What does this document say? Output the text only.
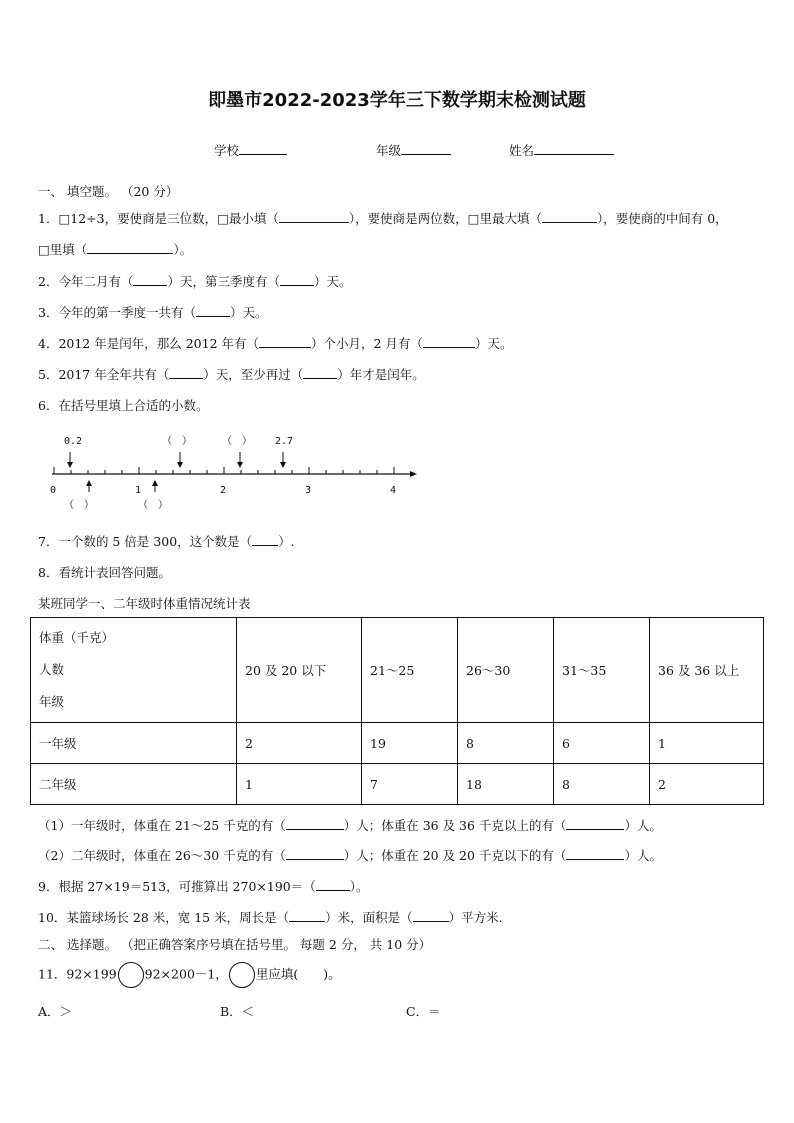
即墨市2022-2023学年三下数学期末检测试题
学校	年级	姓名
一、 填空题。 （20 分）
1．□12÷3，要使商是三位数，□最小填（	），要使商是两位数，□里最大填（	），要使商的中间有 0，
□里填（	）。
2．今年二月有（	）天，第三季度有（	）天。
3．今年的第一季度一共有（	）天。
4．2012 年是闰年，那么 2012 年有（	）个小月，2 月有（	）天。
5．2017 年全年共有（	）天，至少再过（	）年才是闰年。
6．在括号里填上合适的小数。
0.2	（　）	（　） 2.7
0	1	2	3	4
（　）	（　）
7．一个数的 5 倍是 300，这个数是（ ）.
8．看统计表回答问题。
某班同学一、二年级时体重情况统计表
体重（千克）
人数
年级	20 及 20 以下	21～25	26～30	31～35	36 及 36 以上
一年级	2	19	8	6	1
二年级	1	7	18	8	2
（1）一年级时，体重在 21～25 千克的有（	）人；体重在 36 及 36 千克以上的有（	）人。
（2）二年级时，体重在 26～30 千克的有（	）人；体重在 20 及 20 千克以下的有（	）人。
9．根据 27×19＝513，可推算出 270×190＝（	）。
10．某篮球场长 28 米，宽 15 米，周长是（	）米，面积是（	）平方米.
二、 选择题。 （把正确答案序号填在括号里。 每题 2 分， 共 10 分）
11．92×199 92×200－1， 里应填(　　)。
A．＞	B．＜	C．＝
